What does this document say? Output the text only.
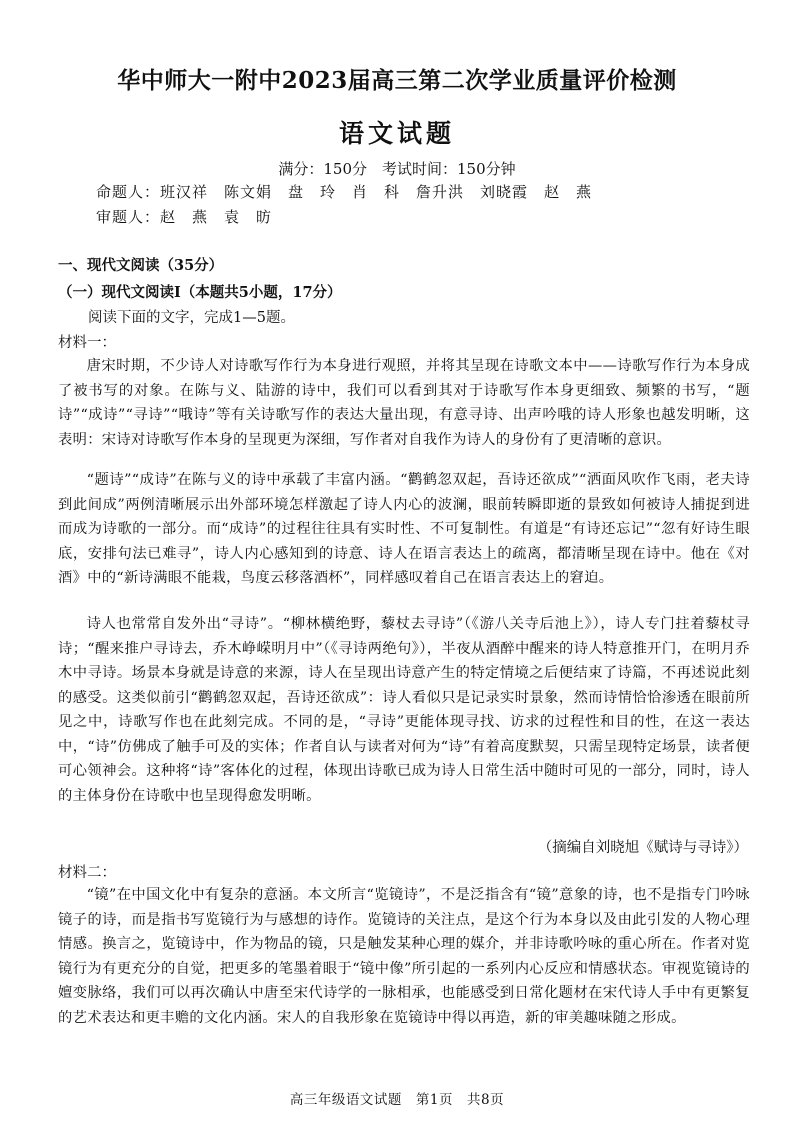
华中师大一附中2023届高三第二次学业质量评价检测
语文试题
满分：150分　考试时间：150分钟
命题人：班汉祥　陈文娟　盘　玲　肖　科　詹升洪　刘晓霞　赵　燕
审题人：赵　燕　袁　昉
一、现代文阅读（35分）
（一）现代文阅读Ⅰ（本题共5小题，17分）
阅读下面的文字，完成1—5题。
材料一：
唐宋时期，不少诗人对诗歌写作行为本身进行观照，并将其呈现在诗歌文本中——诗歌写作行为本身成了被书写的对象。在陈与义、陆游的诗中，我们可以看到其对于诗歌写作本身更细致、频繁的书写，“题诗”“成诗”“寻诗”“哦诗”等有关诗歌写作的表达大量出现，有意寻诗、出声吟哦的诗人形象也越发明晰，这表明：宋诗对诗歌写作本身的呈现更为深细，写作者对自我作为诗人的身份有了更清晰的意识。
“题诗”“成诗”在陈与义的诗中承载了丰富内涵。“鹳鹤忽双起，吾诗还欲成”“洒面风吹作飞雨，老夫诗到此间成”两例清晰展示出外部环境怎样激起了诗人内心的波澜，眼前转瞬即逝的景致如何被诗人捕捉到进而成为诗歌的一部分。而“成诗”的过程往往具有实时性、不可复制性。有道是“有诗还忘记”“忽有好诗生眼底，安排句法已难寻”，诗人内心感知到的诗意、诗人在语言表达上的疏离，都清晰呈现在诗中。他在《对酒》中的“新诗满眼不能栽，鸟度云移落酒杯”，同样感叹着自己在语言表达上的窘迫。
诗人也常常自发外出“寻诗”。“柳林横绝野，藜杖去寻诗”（《游八关寺后池上》），诗人专门拄着藜杖寻诗；“醒来推户寻诗去，乔木峥嵘明月中”（《寻诗两绝句》），半夜从酒醉中醒来的诗人特意推开门，在明月乔木中寻诗。场景本身就是诗意的来源，诗人在呈现出诗意产生的特定情境之后便结束了诗篇，不再述说此刻的感受。这类似前引“鹳鹤忽双起，吾诗还欲成”：诗人看似只是记录实时景象，然而诗情恰恰渗透在眼前所见之中，诗歌写作也在此刻完成。不同的是，“寻诗”更能体现寻找、访求的过程性和目的性，在这一表达中，“诗”仿佛成了触手可及的实体；作者自认与读者对何为“诗”有着高度默契，只需呈现特定场景，读者便可心领神会。这种将“诗”客体化的过程，体现出诗歌已成为诗人日常生活中随时可见的一部分，同时，诗人的主体身份在诗歌中也呈现得愈发明晰。
（摘编自刘晓旭《赋诗与寻诗》）
材料二：
“镜”在中国文化中有复杂的意涵。本文所言“览镜诗”，不是泛指含有“镜”意象的诗，也不是指专门吟咏镜子的诗，而是指书写览镜行为与感想的诗作。览镜诗的关注点，是这个行为本身以及由此引发的人物心理情感。换言之，览镜诗中，作为物品的镜，只是触发某种心理的媒介，并非诗歌吟咏的重心所在。作者对览镜行为有更充分的自觉，把更多的笔墨着眼于“镜中像”所引起的一系列内心反应和情感状态。审视览镜诗的嬗变脉络，我们可以再次确认中唐至宋代诗学的一脉相承，也能感受到日常化题材在宋代诗人手中有更繁复的艺术表达和更丰赡的文化内涵。宋人的自我形象在览镜诗中得以再造，新的审美趣味随之形成。
高三年级语文试题　第1页　共8页
